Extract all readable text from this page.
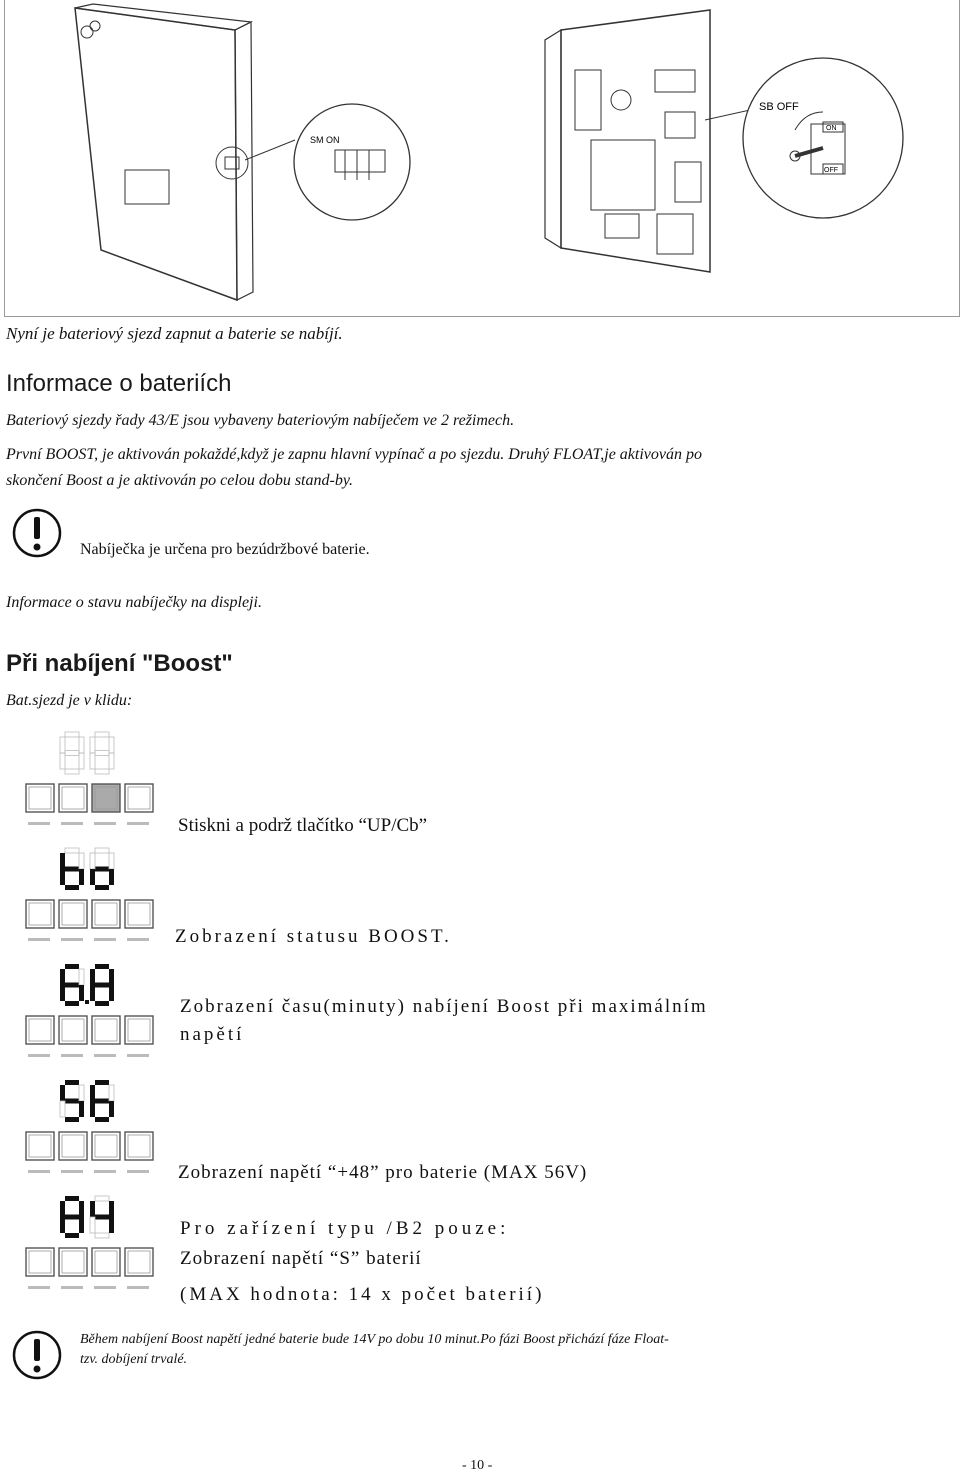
SM ON
SB OFF
ON
OFF
Nyní je bateriový sjezd zapnut a baterie se nabíjí.
Informace o bateriích
Bateriový sjezdy řady 43/E jsou vybaveny bateriovým nabíječem ve 2 režimech.
První BOOST, je aktivován pokaždé,když je zapnu hlavní vypínač a po sjezdu. Druhý FLOAT,je aktivován po
skončení Boost a je aktivován po celou dobu stand-by.
Nabíječka je určena pro bezúdržbové baterie.
Informace o stavu nabíječky na displeji.
Při nabíjení "Boost"
Bat.sjezd je v klidu:
Stiskni a podrž tlačítko “UP/Cb”
Zobrazení statusu BOOST.
Zobrazení času(minuty) nabíjení Boost při maximálním
napětí
Zobrazení napětí “+48” pro baterie (MAX 56V)
Pro zařízení typu /B2 pouze:
Zobrazení napětí “S” baterií
(MAX hodnota: 14 x počet baterií)
Během nabíjení Boost napětí jedné baterie bude 14V po dobu 10 minut.Po fázi Boost přichází fáze Float-
tzv. dobíjení trvalé.
- 10 -
